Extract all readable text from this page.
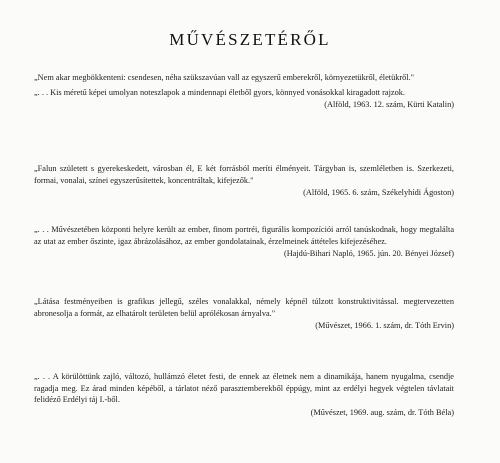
MŰVÉSZETÉRŐL

„Nem akar megbökkenteni: csendesen, néha szükszavúan vall az egyszerű emberekről, környezetükről, életükről."

„. . . Kis méretű képei umolyan noteszlapok a mindennapi életből gyors, könnyed vonásokkal kiragadott rajzok.

(Alföld, 1963. 12. szám, Kürti Katalin)

„Falun született s gyerekeskedett, városban él, E két forrásból meríti élményeit. Tárgyban is, szemléletben is. Szerkezeti, formai, vonalai, színei egyszerűsítettek, koncentráltak, kifejezők."

(Alföld, 1965. 6. szám, Székelyhídi Ágoston)

„. . . Művészetében központi helyre került az ember, finom portréi, figurális kompozíciói arról tanúskodnak, hogy megtalálta az utat az ember őszinte, igaz ábrázolásához, az ember gondolatainak, érzelmeinek áttételes kifejezéséhez.

(Hajdú-Bihari Napló, 1965. jún. 20. Bényei József)

„Látása festményeiben is grafikus jellegű, széles vonalakkal, némely képnél túlzott konstruktivitással. megtervezetten abronesolja a formát, az elhatárolt területen belül aprólékosan árnyalva."

(Művészet, 1966. 1. szám, dr. Tóth Ervin)

„. . . A körülöttünk zajló, változó, hullámzó életet festi, de ennek az életnek nem a dinamikája, hanem nyugalma, csendje ragadja meg. Ez árad minden képéből, a tárlatot néző parasztemberekből éppúgy, mint az erdélyi hegyek végtelen távlatait felidéző Erdélyi táj I.-ből.

(Művészet, 1969. aug. szám, dr. Tóth Béla)
